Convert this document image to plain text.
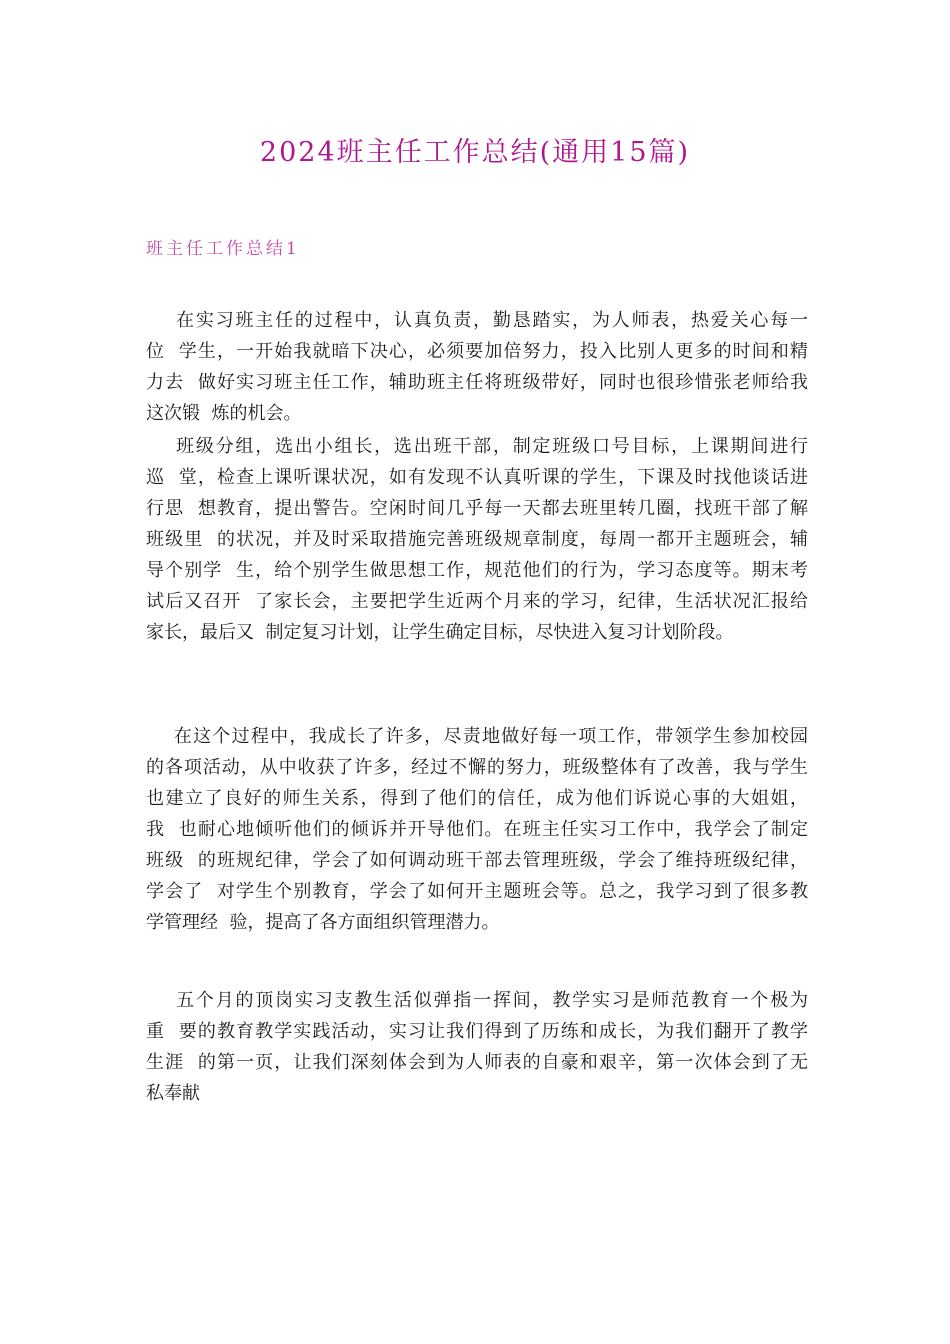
2024班主任工作总结(通用15篇)
班主任工作总结1
在实习班主任的过程中，认真负责，勤恳踏实，为人师表，热爱关心每一
位  学生，一开始我就暗下决心，必须要加倍努力，投入比别人更多的时间和精
力去  做好实习班主任工作，辅助班主任将班级带好，同时也很珍惜张老师给我
这次锻  炼的机会。
班级分组，选出小组长，选出班干部，制定班级口号目标，上课期间进行
巡  堂，检查上课听课状况，如有发现不认真听课的学生，下课及时找他谈话进
行思  想教育，提出警告。空闲时间几乎每一天都去班里转几圈，找班干部了解
班级里  的状况，并及时采取措施完善班级规章制度，每周一都开主题班会，辅
导个别学  生，给个别学生做思想工作，规范他们的行为，学习态度等。期末考
试后又召开  了家长会，主要把学生近两个月来的学习，纪律，生活状况汇报给
家长，最后又  制定复习计划，让学生确定目标，尽快进入复习计划阶段。
在这个过程中，我成长了许多，尽责地做好每一项工作，带领学生参加校园
的各项活动，从中收获了许多，经过不懈的努力，班级整体有了改善，我与学生
也建立了良好的师生关系，得到了他们的信任，成为他们诉说心事的大姐姐，
我  也耐心地倾听他们的倾诉并开导他们。在班主任实习工作中，我学会了制定
班级  的班规纪律，学会了如何调动班干部去管理班级，学会了维持班级纪律，
学会了  对学生个别教育，学会了如何开主题班会等。总之，我学习到了很多教
学管理经  验，提高了各方面组织管理潜力。
五个月的顶岗实习支教生活似弹指一挥间，教学实习是师范教育一个极为
重  要的教育教学实践活动，实习让我们得到了历练和成长，为我们翻开了教学
生涯  的第一页，让我们深刻体会到为人师表的自豪和艰辛，第一次体会到了无
私奉献
